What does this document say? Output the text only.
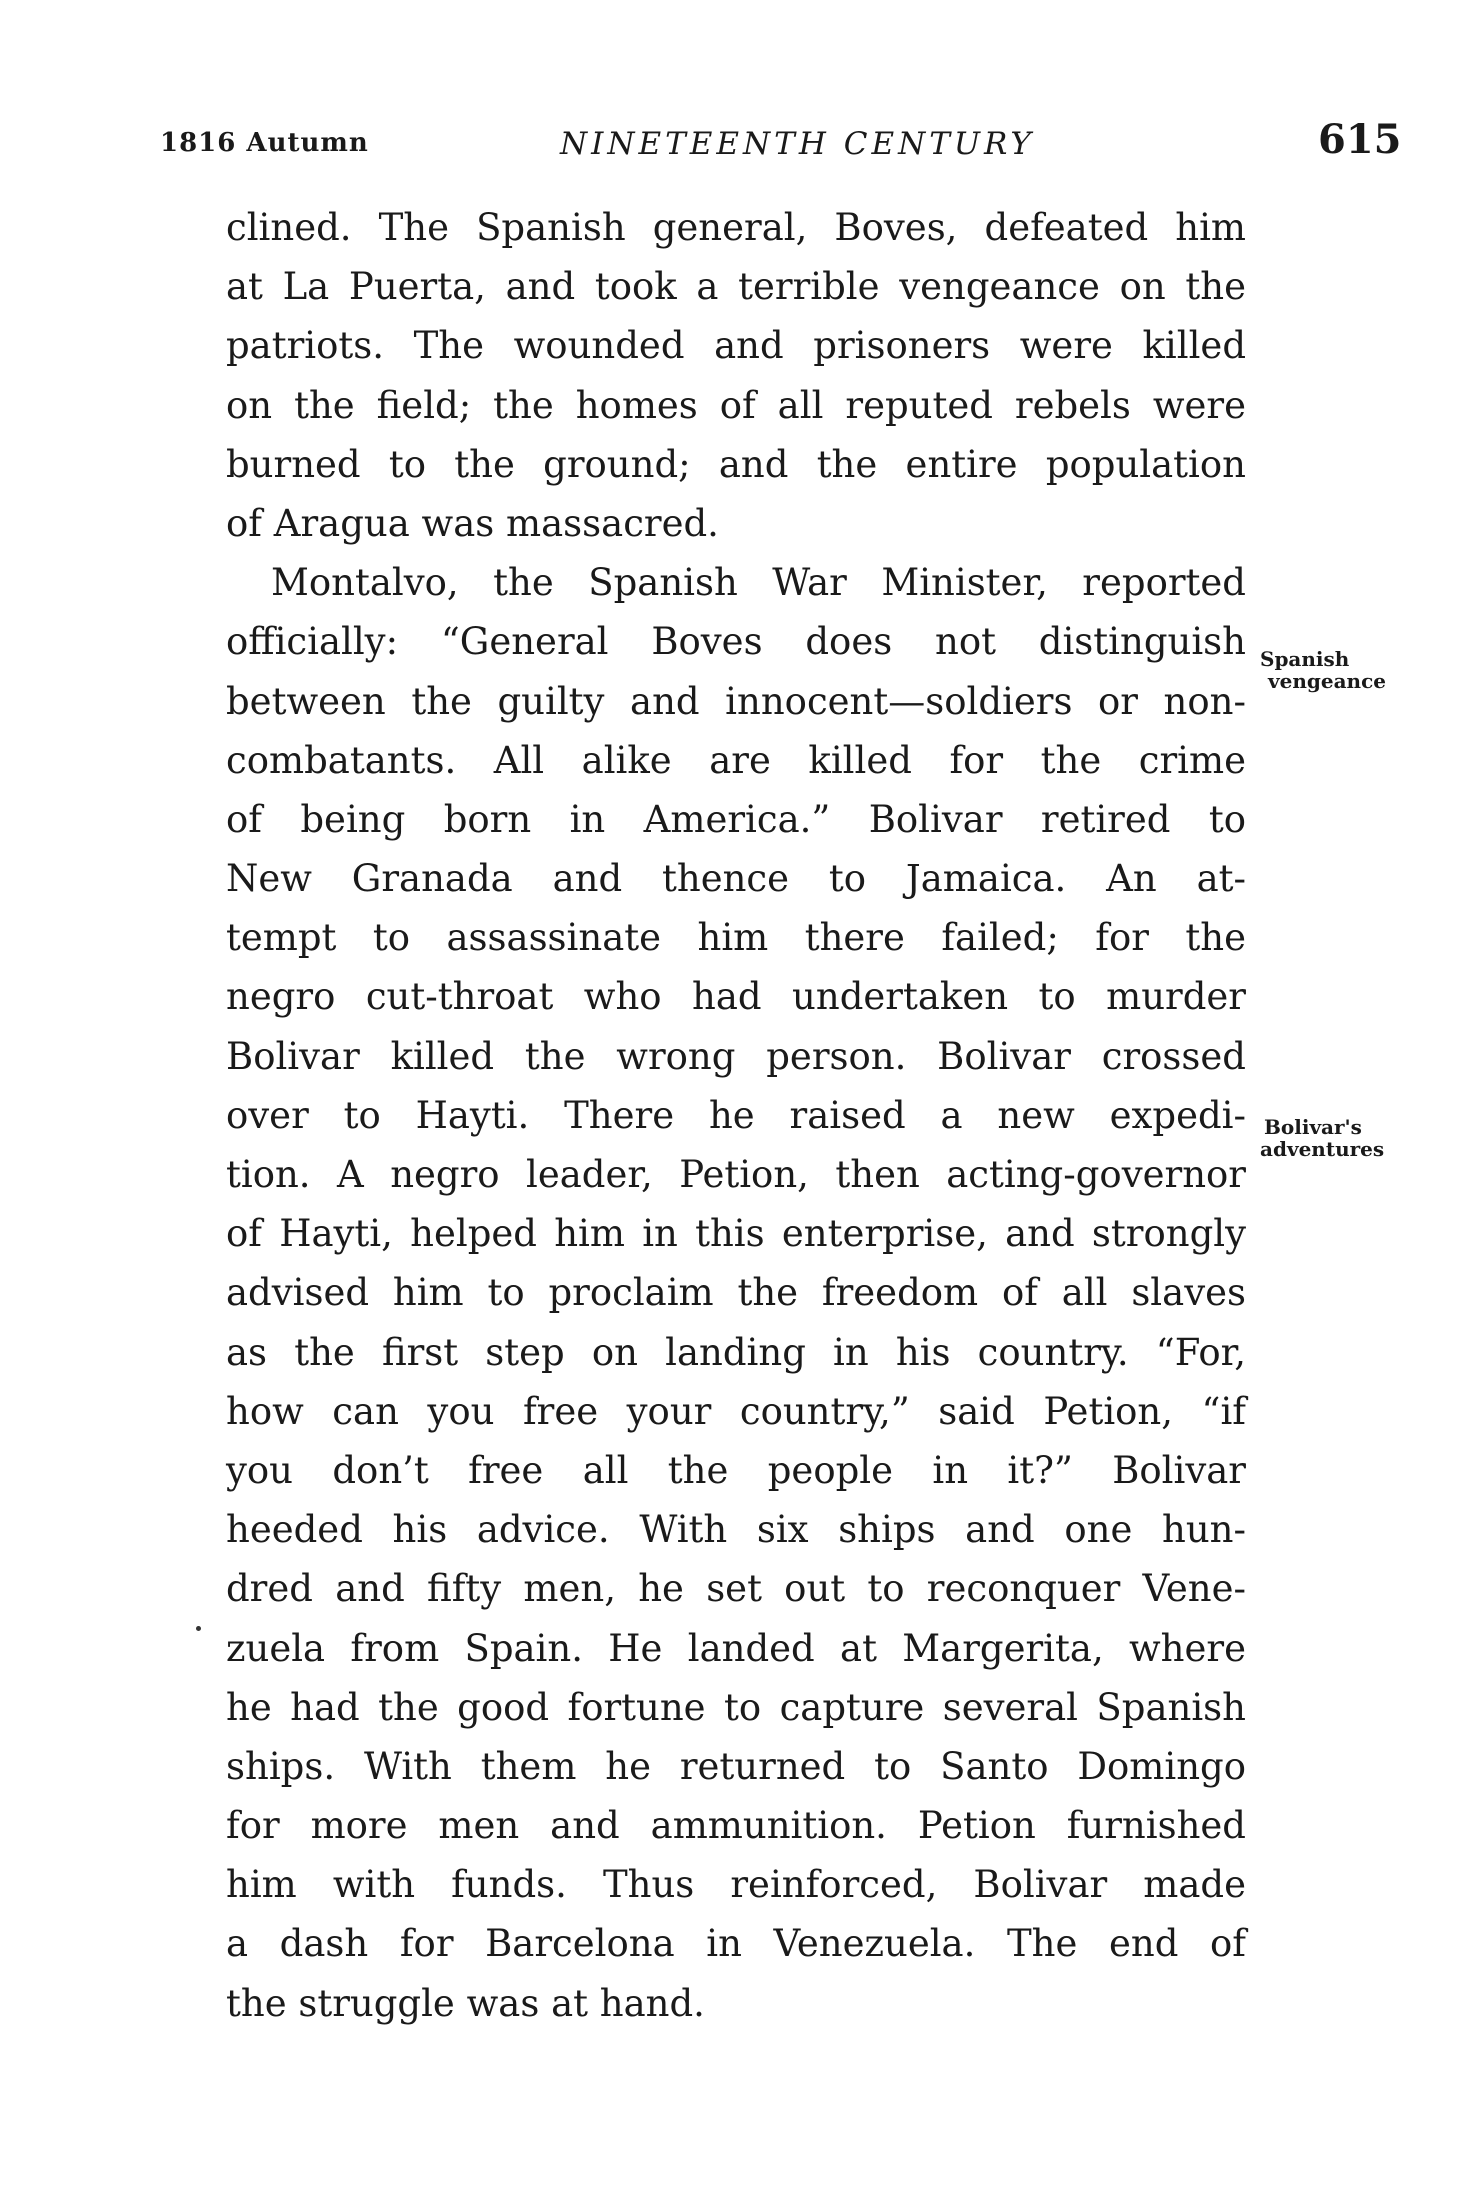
1816 Autumn	NINETEENTH CENTURY	615
clined. The Spanish general, Boves, defeated him
at La Puerta, and took a terrible vengeance on the
patriots. The wounded and prisoners were killed
on the field; the homes of all reputed rebels were
burned to the ground; and the entire population
of Aragua was massacred.
Montalvo, the Spanish War Minister, reported
officially: “General Boves does not distinguish
between the guilty and innocent—soldiers or non-
combatants. All alike are killed for the crime
of being born in America.” Bolivar retired to
New Granada and thence to Jamaica. An at-
tempt to assassinate him there failed; for the
negro cut-throat who had undertaken to murder
Bolivar killed the wrong person. Bolivar crossed
over to Hayti. There he raised a new expedi-
tion. A negro leader, Petion, then acting-governor
of Hayti, helped him in this enterprise, and strongly
advised him to proclaim the freedom of all slaves
as the first step on landing in his country. “For,
how can you free your country,” said Petion, “if
you don’t free all the people in it?” Bolivar
heeded his advice. With six ships and one hun-
dred and fifty men, he set out to reconquer Vene-
zuela from Spain. He landed at Margerita, where
he had the good fortune to capture several Spanish
ships. With them he returned to Santo Domingo
for more men and ammunition. Petion furnished
him with funds. Thus reinforced, Bolivar made
a dash for Barcelona in Venezuela. The end of
the struggle was at hand.
Spanish
vengeance
Bolivar's
adventures
